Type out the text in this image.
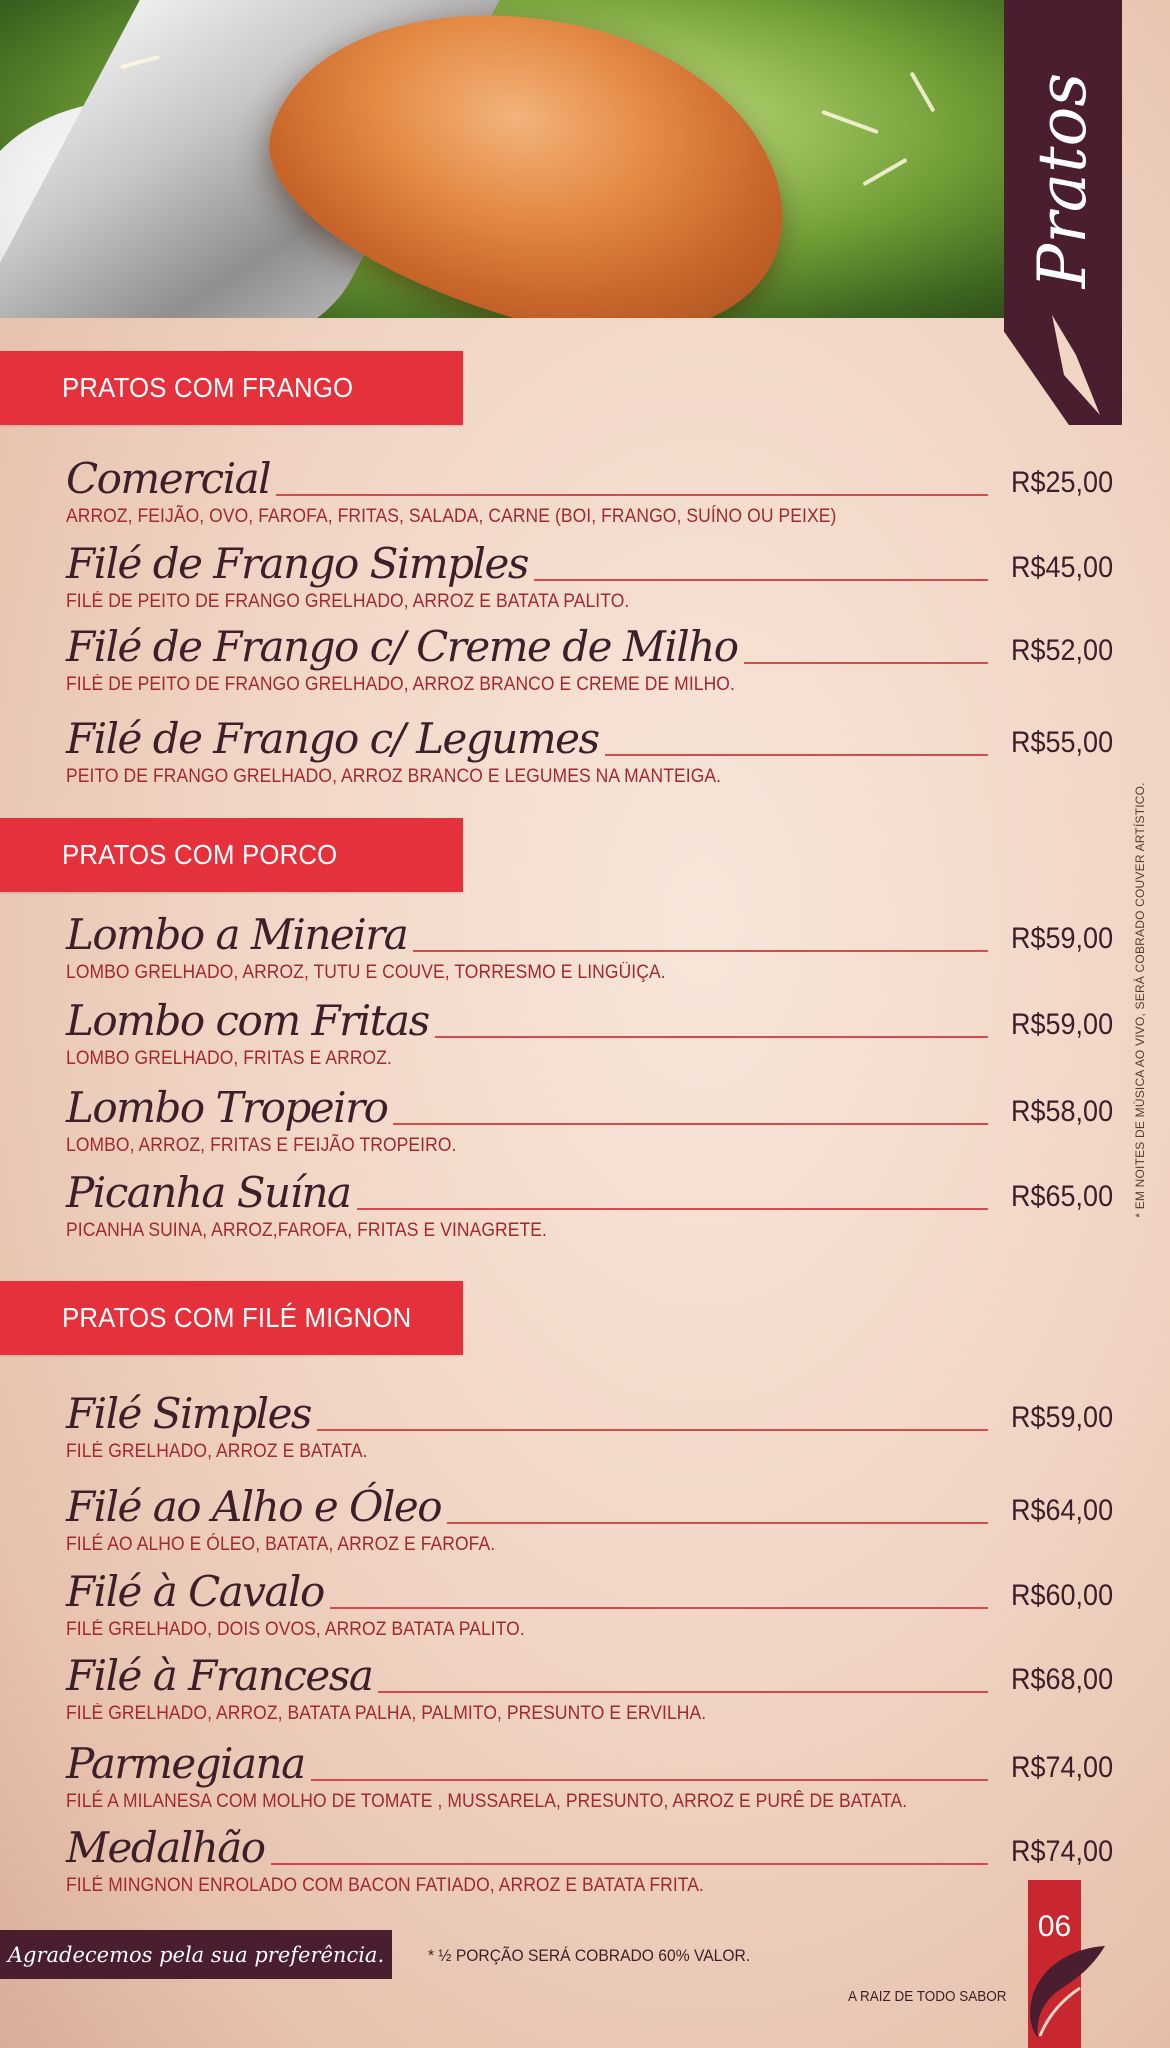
Pratos
* EM NOITES DE MÚSICA AO VIVO, SERÁ COBRADO COUVER ARTÍSTICO.
PRATOS COM FRANGO
Comercial	R$25,00
ARROZ, FEIJÃO, OVO, FAROFA, FRITAS, SALADA, CARNE (BOI, FRANGO, SUÍNO OU PEIXE)
Filé de Frango Simples	R$45,00
FILÉ DE PEITO DE FRANGO GRELHADO, ARROZ E BATATA PALITO.
Filé de Frango c/ Creme de Milho	R$52,00
FILÈ DE PEITO DE FRANGO GRELHADO, ARROZ BRANCO E CREME DE MILHO.
Filé de Frango c/ Legumes	R$55,00
PEITO DE FRANGO GRELHADO, ARROZ BRANCO E LEGUMES NA MANTEIGA.
PRATOS COM PORCO
Lombo a Mineira	R$59,00
LOMBO GRELHADO, ARROZ, TUTU E COUVE, TORRESMO E LINGÜIÇA.
Lombo com Fritas	R$59,00
LOMBO GRELHADO, FRITAS E ARROZ.
Lombo Tropeiro	R$58,00
LOMBO, ARROZ, FRITAS E FEIJÃO TROPEIRO.
Picanha Suína	R$65,00
PICANHA SUINA, ARROZ,FAROFA, FRITAS E VINAGRETE.
PRATOS COM FILÉ MIGNON
Filé Simples	R$59,00
FILÉ GRELHADO, ARROZ E BATATA.
Filé ao Alho e Óleo	R$64,00
FILÉ AO ALHO E ÓLEO, BATATA, ARROZ E FAROFA.
Filé à Cavalo	R$60,00
FILÉ GRELHADO, DOIS OVOS, ARROZ BATATA PALITO.
Filé à Francesa	R$68,00
FILÈ GRELHADO, ARROZ, BATATA PALHA, PALMITO, PRESUNTO E ERVILHA.
Parmegiana	R$74,00
FILÉ A MILANESA COM MOLHO DE TOMATE , MUSSARELA, PRESUNTO, ARROZ E PURÊ DE BATATA.
Medalhão	R$74,00
FILÉ MINGNON ENROLADO COM BACON FATIADO, ARROZ E BATATA FRITA.
Agradecemos pela sua preferência.	* ½ PORÇÃO SERÁ COBRADO 60% VALOR.
A RAIZ DE TODO SABOR
06
